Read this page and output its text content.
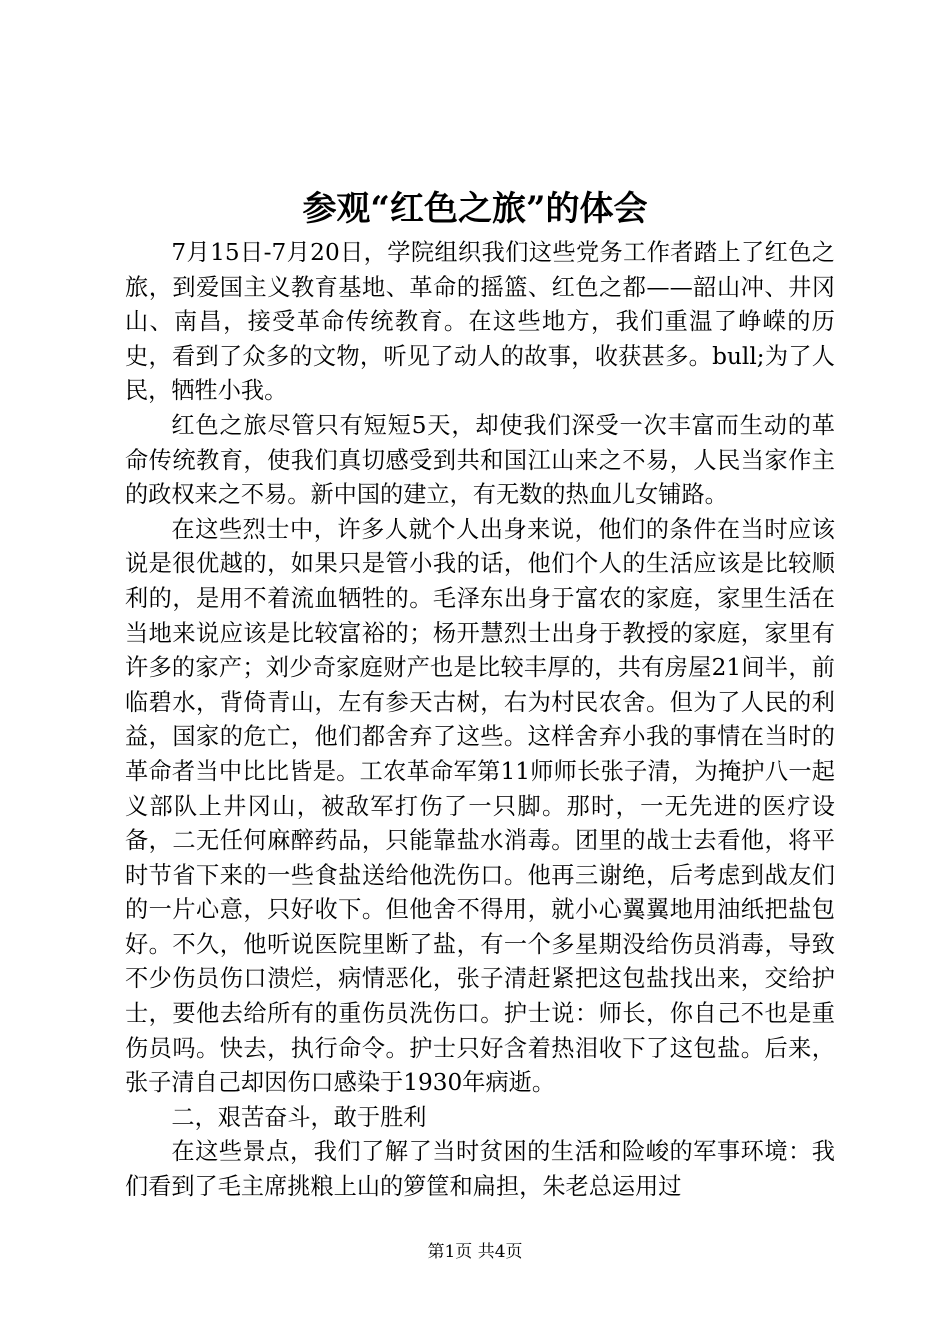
参观“红色之旅”的体会

7月15日-7月20日，学院组织我们这些党务工作者踏上了红色之旅，到爱国主义教育基地、革命的摇篮、红色之都——韶山冲、井冈山、南昌，接受革命传统教育。在这些地方，我们重温了峥嵘的历史，看到了众多的文物，听见了动人的故事，收获甚多。bull;为了人民，牺牲小我。

红色之旅尽管只有短短5天，却使我们深受一次丰富而生动的革命传统教育，使我们真切感受到共和国江山来之不易，人民当家作主的政权来之不易。新中国的建立，有无数的热血儿女铺路。

在这些烈士中，许多人就个人出身来说，他们的条件在当时应该说是很优越的，如果只是管小我的话，他们个人的生活应该是比较顺利的，是用不着流血牺牲的。毛泽东出身于富农的家庭，家里生活在当地来说应该是比较富裕的；杨开慧烈士出身于教授的家庭，家里有许多的家产；刘少奇家庭财产也是比较丰厚的，共有房屋21间半，前临碧水，背倚青山，左有参天古树，右为村民农舍。但为了人民的利益，国家的危亡，他们都舍弃了这些。这样舍弃小我的事情在当时的革命者当中比比皆是。工农革命军第11师师长张子清，为掩护八一起义部队上井冈山，被敌军打伤了一只脚。那时，一无先进的医疗设备，二无任何麻醉药品，只能靠盐水消毒。团里的战士去看他，将平时节省下来的一些食盐送给他洗伤口。他再三谢绝，后考虑到战友们的一片心意，只好收下。但他舍不得用，就小心翼翼地用油纸把盐包好。不久，他听说医院里断了盐，有一个多星期没给伤员消毒，导致不少伤员伤口溃烂，病情恶化，张子清赶紧把这包盐找出来，交给护士，要他去给所有的重伤员洗伤口。护士说：师长，你自己不也是重伤员吗。快去，执行命令。护士只好含着热泪收下了这包盐。后来，张子清自己却因伤口感染于1930年病逝。

二，艰苦奋斗，敢于胜利

在这些景点，我们了解了当时贫困的生活和险峻的军事环境：我们看到了毛主席挑粮上山的箩筐和扁担，朱老总运用过

第1页 共4页
